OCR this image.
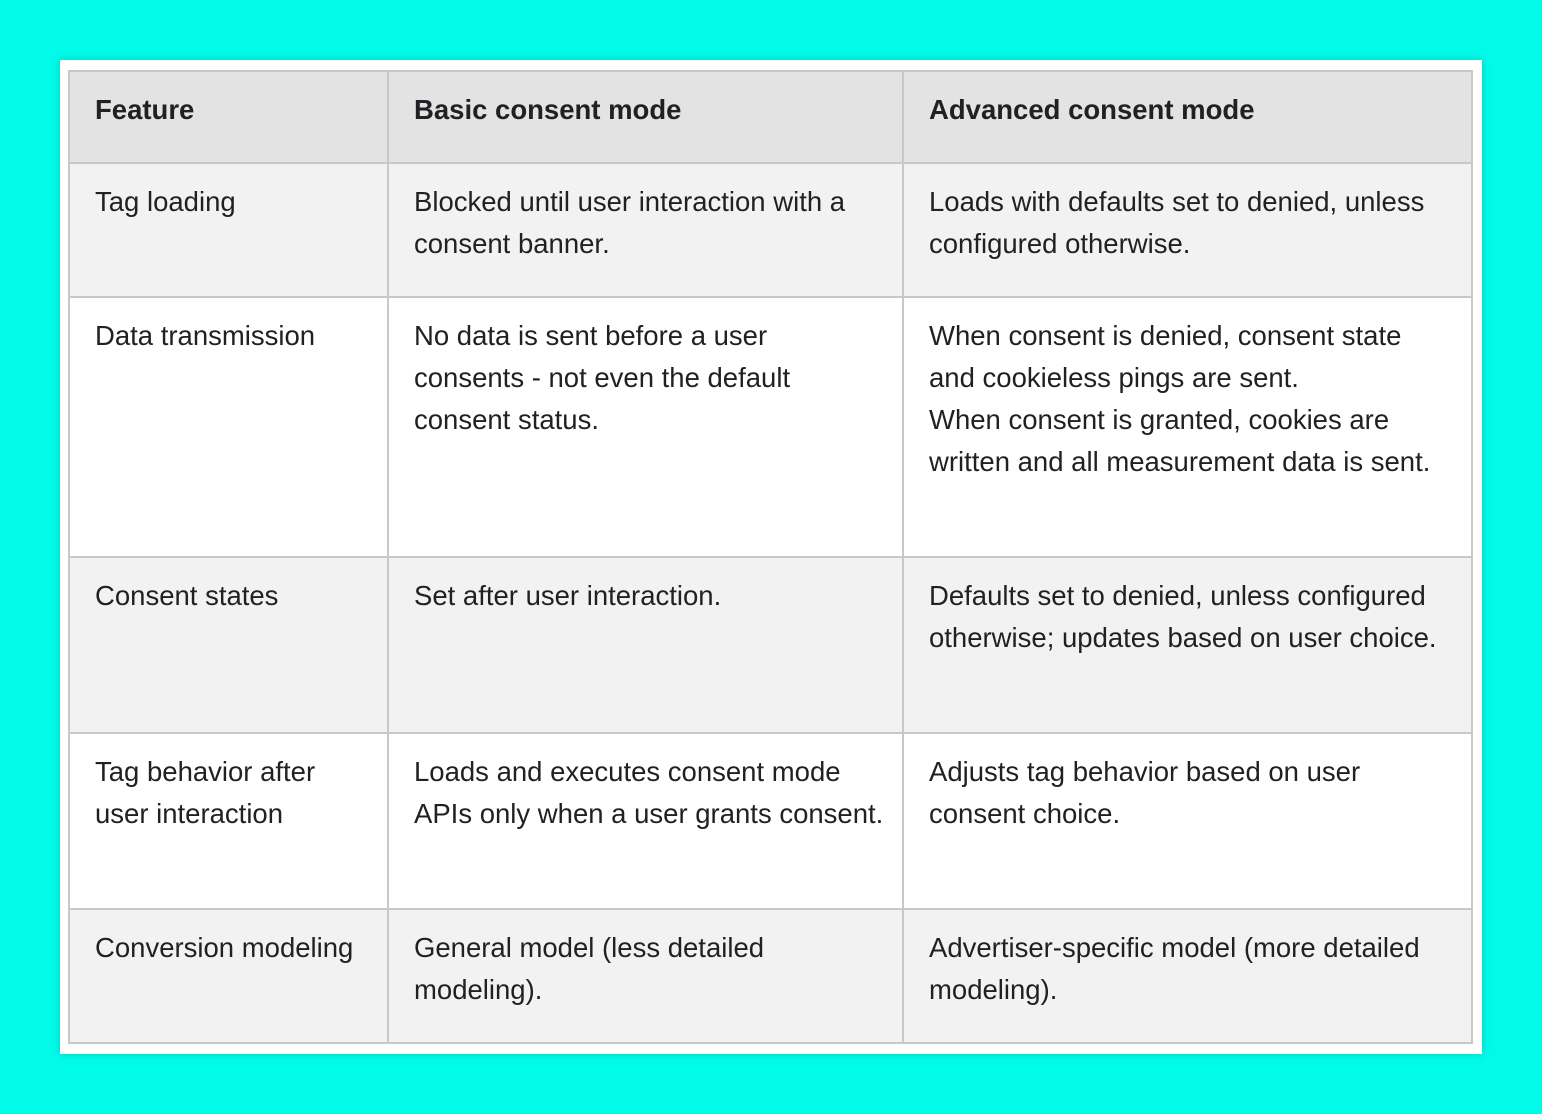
Feature	Basic consent mode	Advanced consent mode
Tag loading	Blocked until user interaction with a consent banner.	Loads with defaults set to denied, unless configured otherwise.
Data transmission	No data is sent before a user consents - not even the default consent status.	When consent is denied, consent state and cookieless pings are sent.
When consent is granted, cookies are written and all measurement data is sent.
Consent states	Set after user interaction.	Defaults set to denied, unless configured otherwise; updates based on user choice.
Tag behavior after user interaction	Loads and executes consent mode APIs only when a user grants consent.	Adjusts tag behavior based on user consent choice.
Conversion modeling	General model (less detailed modeling).	Advertiser-specific model (more detailed modeling).
